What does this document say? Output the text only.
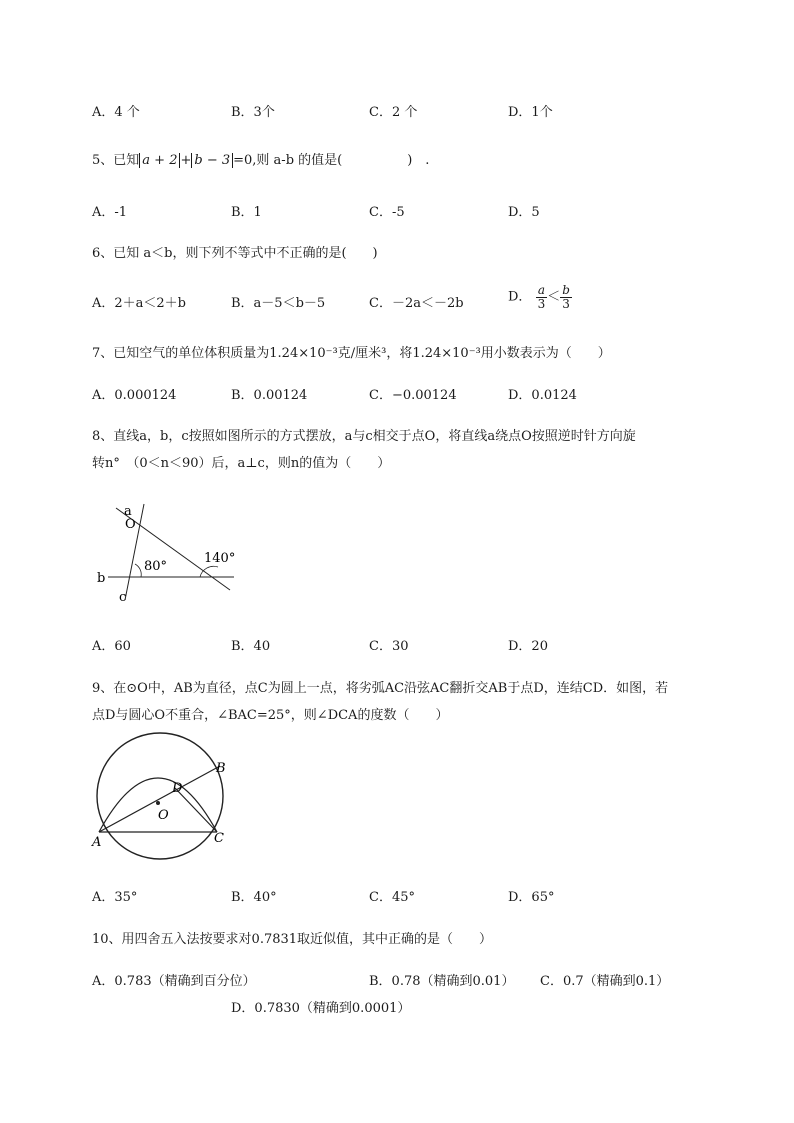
A．4 个	B．3个	C．2 个	D．1个
5、已知 a + 2 + b − 3 =0,则 a-b 的值是(　　　　　)　.
A．-1	B．1	C．-5	D．5
6、已知 a＜b，则下列不等式中不正确的是(　　)
A．2＋a＜2＋b	B．a－5＜b－5	C．－2a＜－2b	D． $\frac{a}{3} < \frac{b}{3}$
7、已知空气的单位体积质量为1.24×10⁻³克/厘米³，将1.24×10⁻³用小数表示为（　　）
A．0.000124	B．0.00124	C．−0.00124	D．0.0124
8、直线a，b，c按照如图所示的方式摆放，a与c相交于点O，将直线a绕点O按照逆时针方向旋
转n°　（0＜n＜90）后，a⊥c，则n的值为（　　）
a
O
b
c
80°
140°
A．60	B．40	C．30	D．20
9、在⊙O中，AB为直径，点C为圆上一点，将劣弧AC沿弦AC翻折交AB于点D，连结CD．如图，若
点D与圆心O不重合，∠BAC=25°，则∠DCA的度数（　　）
A
B
C
D
O
A．35°	B．40°	C．45°	D．65°
10、用四舍五入法按要求对0.7831取近似值，其中正确的是（　　）
A．0.783（精确到百分位）	B．0.78（精确到0.01） C．0.7（精确到0.1）
D．0.7830（精确到0.0001）
